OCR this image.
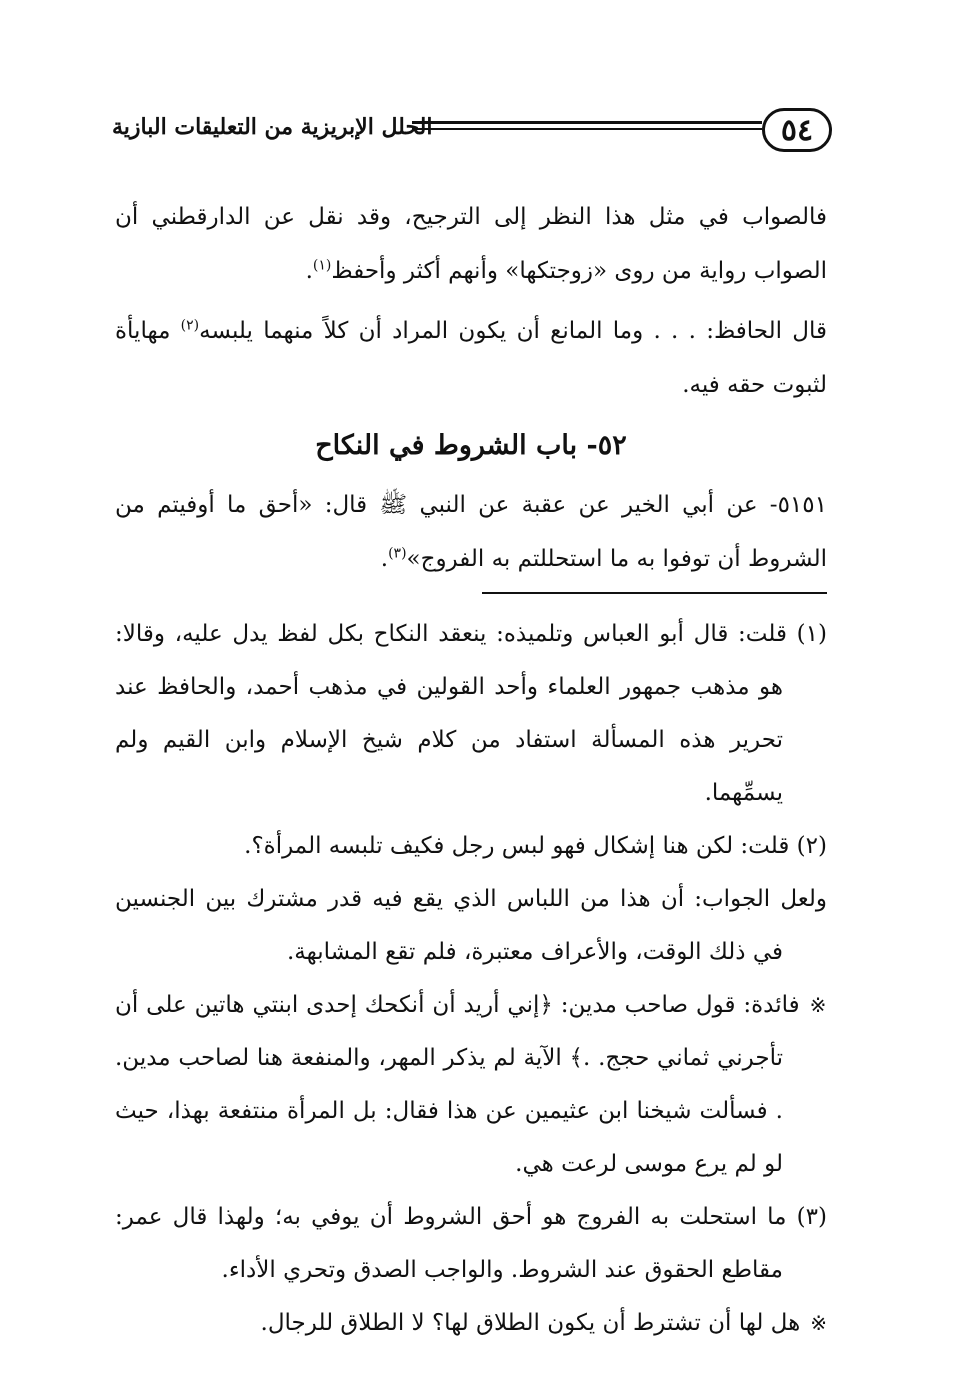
٥٤
الحلل الإبريزية من التعليقات البازية

فالصواب في مثل هذا النظر إلى الترجيح، وقد نقل عن الدارقطني أن الصواب رواية من روى «زوجتكها» وأنهم أكثر وأحفظ$^{(١)}$.

قال الحافظ: . . . وما المانع أن يكون المراد أن كلاً منهما يلبسه$^{(٢)}$ مهايأة لثبوت حقه فيه.

٥٢- باب الشروط في النكاح

٥١٥١- عن أبي الخير عن عقبة عن النبي ﷺ قال: «أحق ما أوفيتم من الشروط أن توفوا به ما استحللتم به الفروج»$^{(٣)}$.

(١) قلت: قال أبو العباس وتلميذه: ينعقد النكاح بكل لفظ يدل عليه، وقالا: هو مذهب جمهور العلماء وأحد القولين في مذهب أحمد، والحافظ عند تحرير هذه المسألة استفاد من كلام شيخ الإسلام وابن القيم ولم يسمِّهما.

(٢) قلت: لكن هنا إشكال فهو لبس رجل فكيف تلبسه المرأة؟.

ولعل الجواب: أن هذا من اللباس الذي يقع فيه قدر مشترك بين الجنسين في ذلك الوقت، والأعراف معتبرة، فلم تقع المشابهة.

※فائدة: قول صاحب مدين: ﴿إني أريد أن أنكحك إحدى ابنتي هاتين على أن تأجرني ثماني حجج. .﴾ الآية لم يذكر المهر، والمنفعة هنا لصاحب مدين. . فسألت شيخنا ابن عثيمين عن هذا فقال: بل المرأة منتفعة بهذا، حيث لو لم يرع موسى لرعت هي.

(٣) ما استحلت به الفروج هو أحق الشروط أن يوفي به؛ ولهذا قال عمر: مقاطع الحقوق عند الشروط. والواجب الصدق وتحري الأداء.

※هل لها أن تشترط أن يكون الطلاق لها؟ لا الطلاق للرجال.
